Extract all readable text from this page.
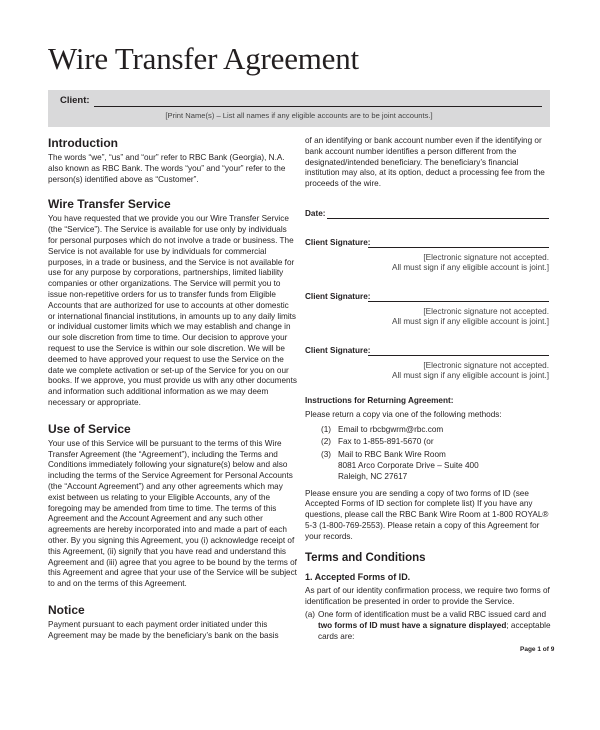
Wire Transfer Agreement
Client:
[Print Name(s) – List all names if any eligible accounts are to be joint accounts.]
Introduction

The words “we”, “us” and “our” refer to RBC Bank (Georgia), N.A. also known as RBC Bank. The words “you” and “your” refer to the person(s) identified above as “Customer”.

Wire Transfer Service

You have requested that we provide you our Wire Transfer Service (the “Service”). The Service is available for use only by individuals for personal purposes which do not involve a trade or business. The Service is not available for use by individuals for commercial purposes, in a trade or business, and the Service is not available for use for any purpose by corporations, partnerships, limited liability companies or other organizations. The Service will permit you to issue non-repetitive orders for us to transfer funds from Eligible Accounts that are authorized for use to accounts at other domestic or international financial institutions, in amounts up to any daily limits or individual customer limits which we may establish and change in our sole discretion from time to time. Our decision to approve your request to use the Service is within our sole discretion. We will be deemed to have approved your request to use the Service on the date we complete activation or set-up of the Service for you on our books. If we approve, you must provide us with any other documents and information such additional information as we may deem necessary or appropriate.

Use of Service

Your use of this Service will be pursuant to the terms of this Wire Transfer Agreement (the “Agreement”), including the Terms and Conditions immediately following your signature(s) below and also including the terms of the Service Agreement for Personal Accounts (the “Account Agreement”) and any other agreements which may exist between us relating to your Eligible Accounts, any of the foregoing may be amended from time to time. The terms of this Agreement and the Account Agreement and any such other agreements are hereby incorporated into and made a part of each other. By you signing this Agreement, you (i) acknowledge receipt of this Agreement, (ii) signify that you have read and understand this Agreement and (iii) agree that you agree to be bound by the terms of this Agreement and agree that your use of the Service will be subject to and on the terms of this Agreement.

Notice

Payment pursuant to each payment order initiated under this Agreement may be made by the beneficiary’s bank on the basis

of an identifying or bank account number even if the identifying or bank account number identifies a person different from the designated/intended beneficiary. The beneficiary’s financial institution may also, at its option, deduct a processing fee from the proceeds of the wire.

Date:
Client Signature:
[Electronic signature not accepted.
All must sign if any eligible account is joint.]
Client Signature:
[Electronic signature not accepted.
All must sign if any eligible account is joint.]
Client Signature:
[Electronic signature not accepted.
All must sign if any eligible account is joint.]

Instructions for Returning Agreement:

Please return a copy via one of the following methods:

(1) Email to rbcbgwrm@rbc.com
(2) Fax to 1-855-891-5670 (or
(3) Mail to RBC Bank Wire Room

8081 Arco Corporate Drive – Suite 400

Raleigh, NC 27617

Please ensure you are sending a copy of two forms of ID (see Accepted Forms of ID section for complete list) If you have any questions, please call the RBC Bank Wire Room at 1-800 ROYAL® 5-3 (1-800-769-2553). Please retain a copy of this Agreement for your records.

Terms and Conditions

1. Accepted Forms of ID.

As part of our identity confirmation process, we require two forms of identification be presented in order to provide the Service.

(a) One form of identification must be a valid RBC issued card and two forms of ID must have a signature displayed; acceptable cards are:

Page 1 of 9
